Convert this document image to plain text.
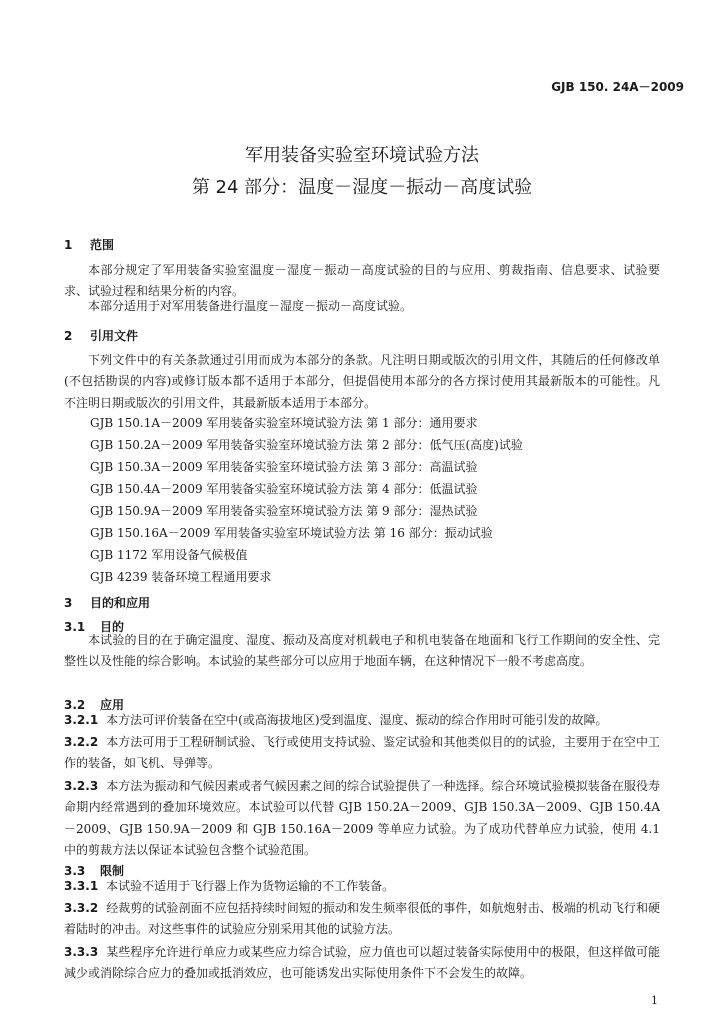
GJB 150. 24A－2009
军用装备实验室环境试验方法
第 24 部分：温度－湿度－振动－高度试验
1 范围
本部分规定了军用装备实验室温度－湿度－振动－高度试验的目的与应用、剪裁指南、信息要求、试验要求、试验过程和结果分析的内容。
本部分适用于对军用装备进行温度－湿度－振动－高度试验。
2 引用文件
下列文件中的有关条款通过引用而成为本部分的条款。凡注明日期或版次的引用文件，其随后的任何修改单(不包括勘误的内容)或修订版本都不适用于本部分，但提倡使用本部分的各方探讨使用其最新版本的可能性。凡不注明日期或版次的引用文件，其最新版本适用于本部分。
GJB 150.1A－2009 军用装备实验室环境试验方法 第 1 部分：通用要求
GJB 150.2A－2009 军用装备实验室环境试验方法 第 2 部分：低气压(高度)试验
GJB 150.3A－2009 军用装备实验室环境试验方法 第 3 部分：高温试验
GJB 150.4A－2009 军用装备实验室环境试验方法 第 4 部分：低温试验
GJB 150.9A－2009 军用装备实验室环境试验方法 第 9 部分：湿热试验
GJB 150.16A－2009 军用装备实验室环境试验方法 第 16 部分：振动试验
GJB 1172 军用设备气候极值
GJB 4239 装备环境工程通用要求
3 目的和应用
3.1 目的
本试验的目的在于确定温度、湿度、振动及高度对机载电子和机电装备在地面和飞行工作期间的安全性、完整性以及性能的综合影响。本试验的某些部分可以应用于地面车辆，在这种情况下一般不考虑高度。
3.2 应用
3.2.1 本方法可评价装备在空中(或高海拔地区)受到温度、湿度、振动的综合作用时可能引发的故障。
3.2.2 本方法可用于工程研制试验、飞行或使用支持试验、鉴定试验和其他类似目的的试验，主要用于在空中工作的装备，如飞机、导弹等。
3.2.3 本方法为振动和气候因素或者气候因素之间的综合试验提供了一种选择。综合环境试验模拟装备在服役寿命期内经常遇到的叠加环境效应。本试验可以代替 GJB 150.2A－2009、GJB 150.3A－2009、GJB 150.4A－2009、GJB 150.9A－2009 和 GJB 150.16A－2009 等单应力试验。为了成功代替单应力试验，使用 4.1 中的剪裁方法以保证本试验包含整个试验范围。
3.3 限制
3.3.1 本试验不适用于飞行器上作为货物运输的不工作装备。
3.3.2 经裁剪的试验剖面不应包括持续时间短的振动和发生频率很低的事件，如航炮射击、极端的机动飞行和硬着陆时的冲击。对这些事件的试验应分别采用其他的试验方法。
3.3.3 某些程序允许进行单应力或某些应力综合试验，应力值也可以超过装备实际使用中的极限，但这样做可能减少或消除综合应力的叠加或抵消效应，也可能诱发出实际使用条件下不会发生的故障。
1
